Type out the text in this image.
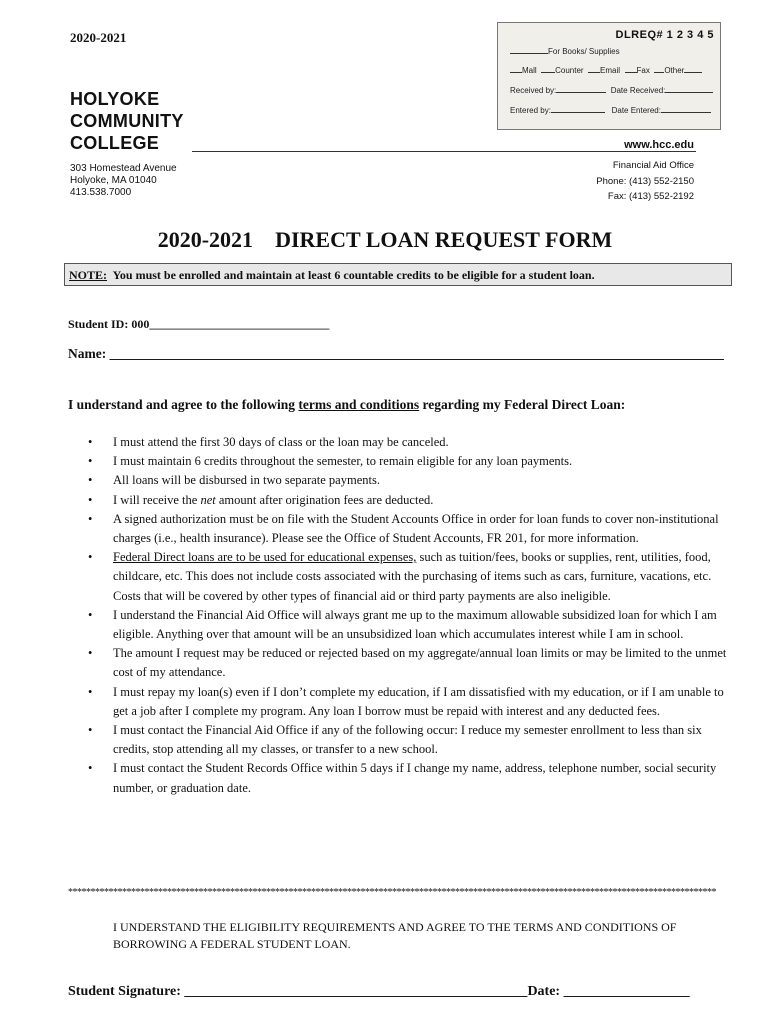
2020-2021	DLREQ# 1 2 3 4 5
For Books/ Supplies
Mall Counter Email Fax Other
Received by:	Date Received:
Entered by:	Date Entered:
HOLYOKE
COMMUNITY
COLLEGE
303 Homestead Avenue
Holyoke, MA 01040
413.538.7000
www.hcc.edu
Financial Aid Office
Phone: (413) 552-2150
Fax: (413) 552-2192
2020-2021 DIRECT LOAN REQUEST FORM
NOTE: You must be enrolled and maintain at least 6 countable credits to be eligible for a student loan.
Student ID: 000______________________________
Name: ___________________________________________________________________________________________
I understand and agree to the following terms and conditions regarding my Federal Direct Loan:
• I must attend the first 30 days of class or the loan may be canceled.
• I must maintain 6 credits throughout the semester, to remain eligible for any loan payments.
• All loans will be disbursed in two separate payments.
• I will receive the net amount after origination fees are deducted.
• A signed authorization must be on file with the Student Accounts Office in order for loan funds to cover non-institutional charges (i.e., health insurance). Please see the Office of Student Accounts, FR 201, for more information.
• Federal Direct loans are to be used for educational expenses, such as tuition/fees, books or supplies, rent, utilities, food, childcare, etc. This does not include costs associated with the purchasing of items such as cars, furniture, vacations, etc. Costs that will be covered by other types of financial aid or third party payments are also ineligible.
• I understand the Financial Aid Office will always grant me up to the maximum allowable subsidized loan for which I am eligible. Anything over that amount will be an unsubsidized loan which accumulates interest while I am in school.
• The amount I request may be reduced or rejected based on my aggregate/annual loan limits or may be limited to the unmet cost of my attendance.
• I must repay my loan(s) even if I don’t complete my education, if I am dissatisfied with my education, or if I am unable to get a job after I complete my program. Any loan I borrow must be repaid with interest and any deducted fees.
• I must contact the Financial Aid Office if any of the following occur: I reduce my semester enrollment to less than six credits, stop attending all my classes, or transfer to a new school.
• I must contact the Student Records Office within 5 days if I change my name, address, telephone number, social security number, or graduation date.
************************************************************************************************************************************************
I UNDERSTAND THE ELIGIBILITY REQUIREMENTS AND AGREE TO THE TERMS AND CONDITIONS OF BORROWING A FEDERAL STUDENT LOAN.
Student Signature: _________________________________________________Date: __________________
